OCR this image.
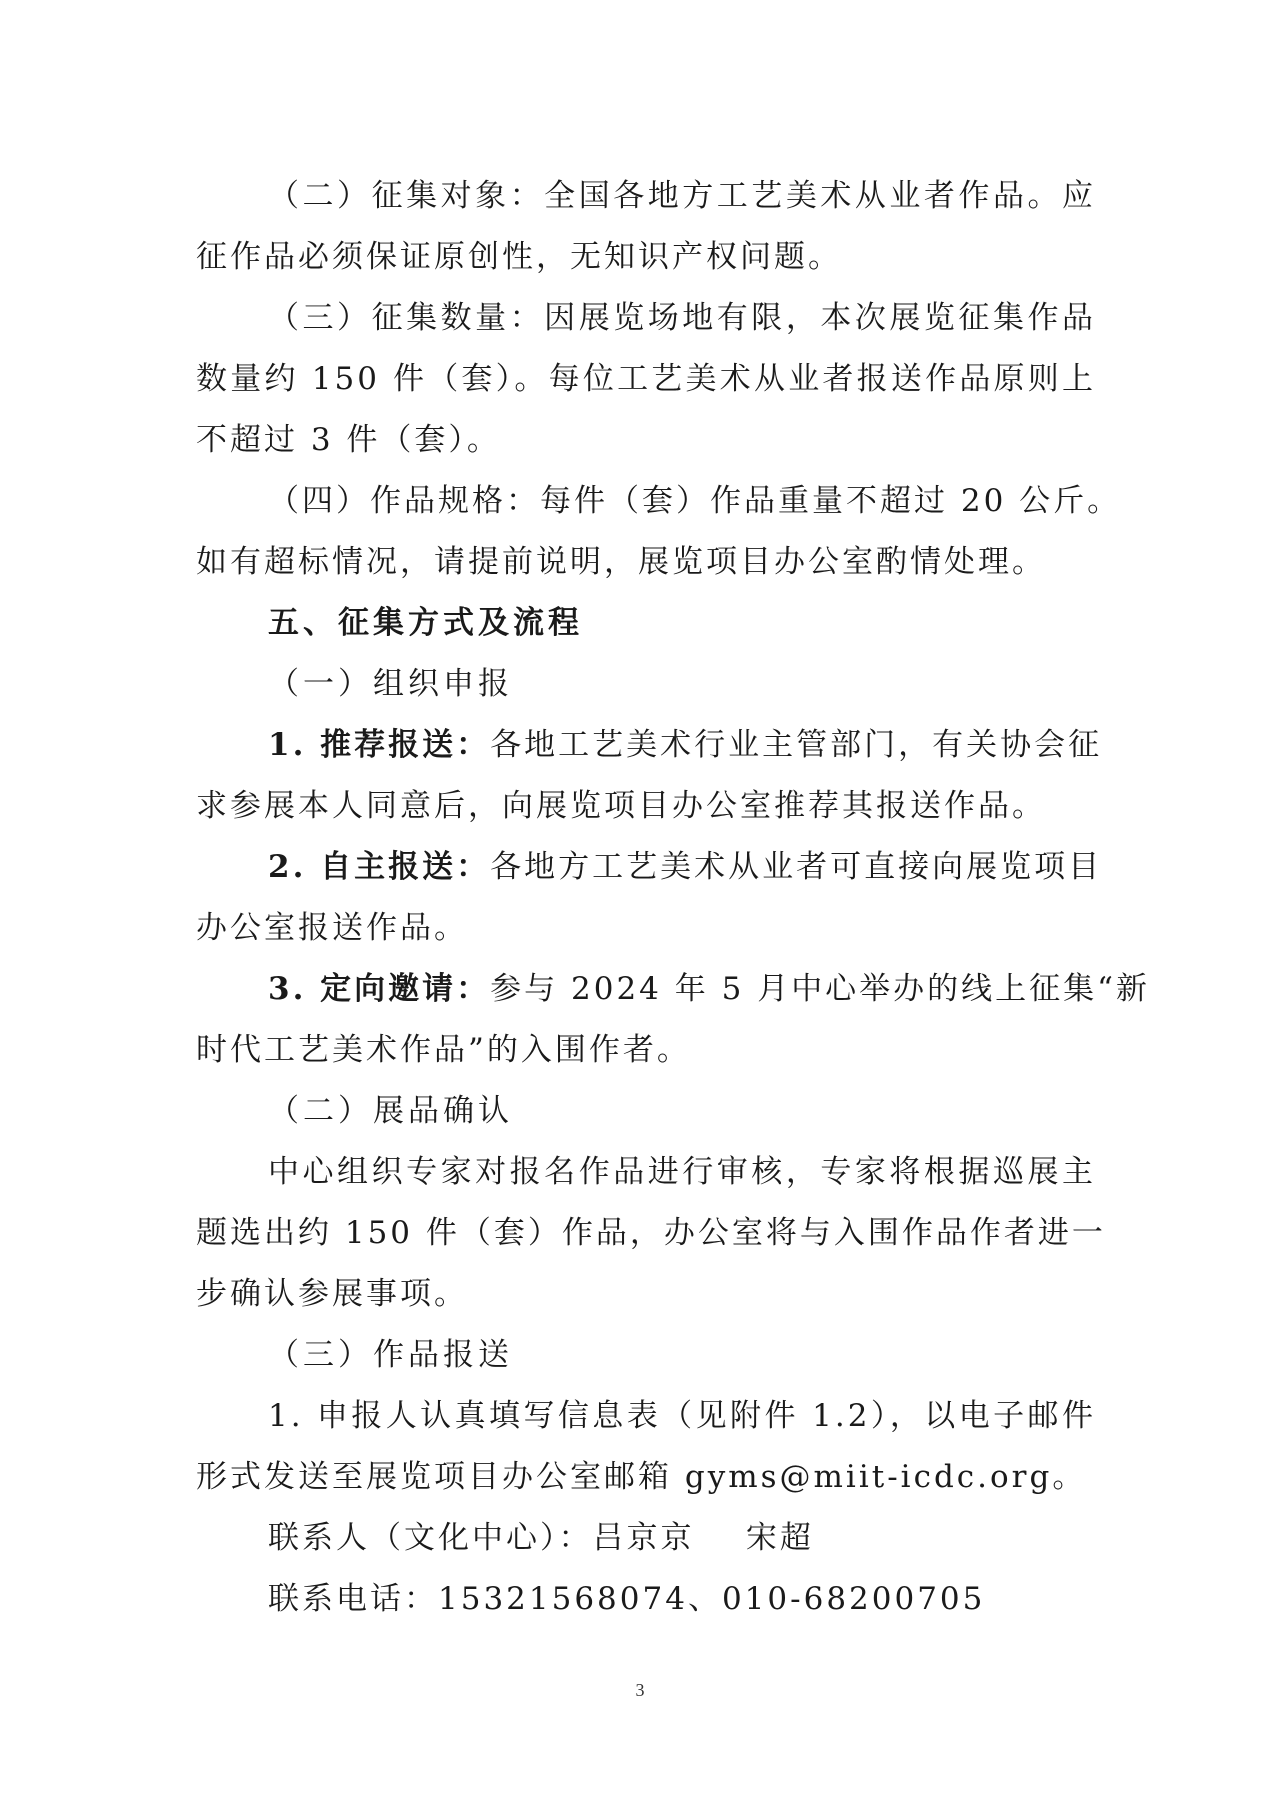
（二）征集对象：全国各地方工艺美术从业者作品。应
征作品必须保证原创性，无知识产权问题。
（三）征集数量：因展览场地有限，本次展览征集作品
数量约 150 件（套）。每位工艺美术从业者报送作品原则上
不超过 3 件（套）。
（四）作品规格：每件（套）作品重量不超过 20 公斤。
如有超标情况，请提前说明，展览项目办公室酌情处理。
五、征集方式及流程
（一）组织申报
1. 推荐报送：各地工艺美术行业主管部门，有关协会征
求参展本人同意后，向展览项目办公室推荐其报送作品。
2. 自主报送：各地方工艺美术从业者可直接向展览项目
办公室报送作品。
3. 定向邀请：参与 2024 年 5 月中心举办的线上征集“新
时代工艺美术作品”的入围作者。
（二）展品确认
中心组织专家对报名作品进行审核，专家将根据巡展主
题选出约 150 件（套）作品，办公室将与入围作品作者进一
步确认参展事项。
（三）作品报送
1. 申报人认真填写信息表（见附件 1.2），以电子邮件
形式发送至展览项目办公室邮箱 gyms@miit-icdc.org。
联系人（文化中心）：吕京京    宋超
联系电话：15321568074、010-68200705
3
